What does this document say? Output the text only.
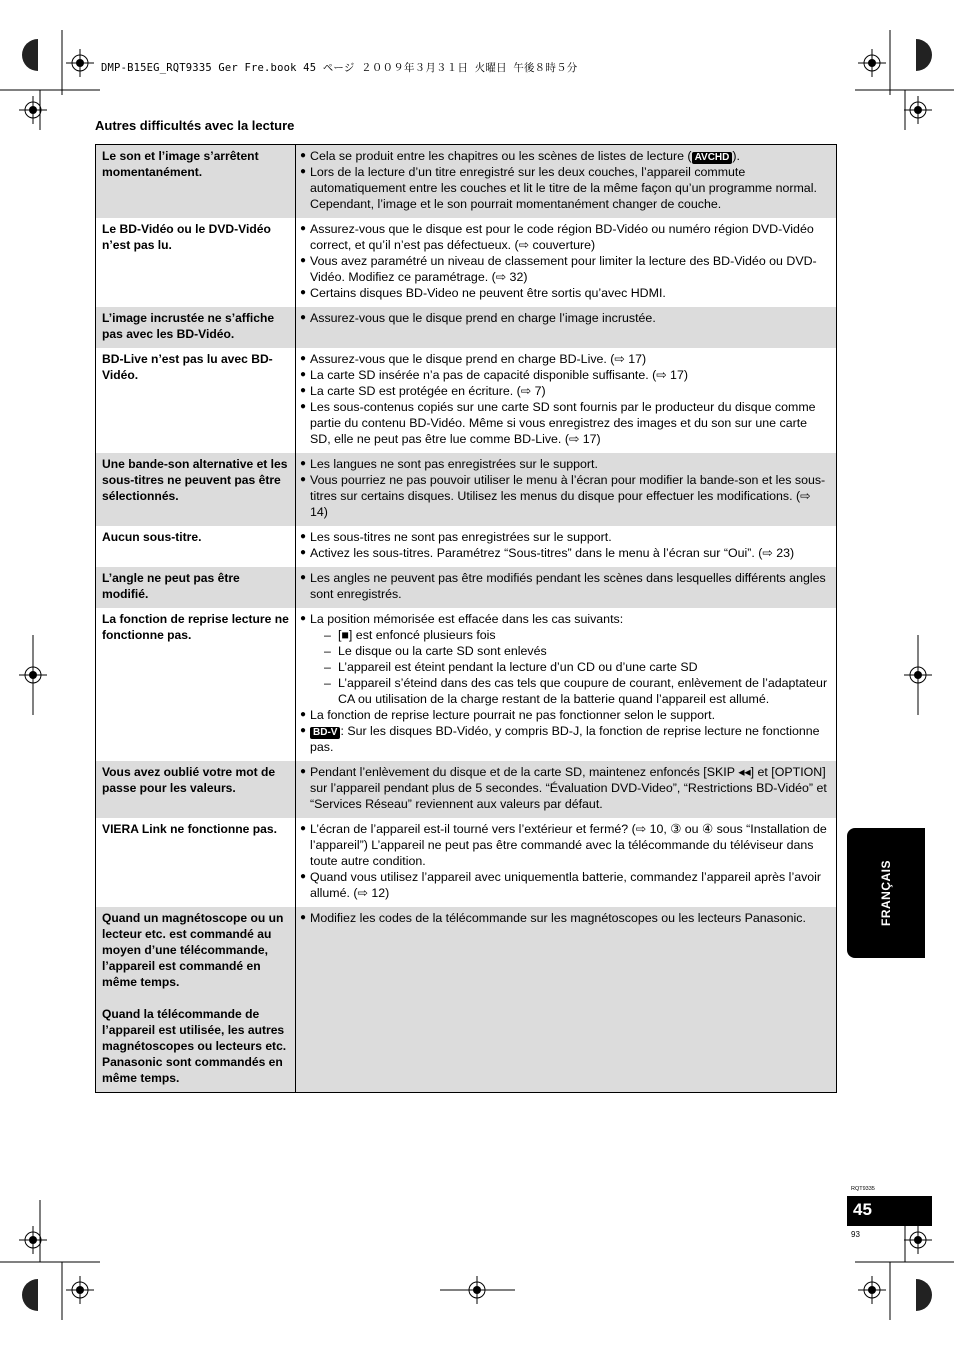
DMP-B15EG_RQT9335 Ger Fre.book 45 ページ ２００９年３月３１日 火曜日 午後８時５分
Autres difficultés avec la lecture
Le son et l’image s’arrêtent momentanément.
● Cela se produit entre les chapitres ou les scènes de listes de lecture ( AVCHD ).
● Lors de la lecture d’un titre enregistré sur les deux couches, l’appareil commute automatiquement entre les couches et lit le titre de la même façon qu’un programme normal. Cependant, l’image et le son pourrait momentanément changer de couche.
Le BD-Vidéo ou le DVD-Vidéo n’est pas lu.
● Assurez-vous que le disque est pour le code région BD-Vidéo ou numéro région DVD-Vidéo correct, et qu’il n’est pas défectueux. (⇨ couverture)
● Vous avez paramétré un niveau de classement pour limiter la lecture des BD-Vidéo ou DVD-Vidéo. Modifiez ce paramétrage. (⇨ 32)
● Certains disques BD-Video ne peuvent être sortis qu’avec HDMI.
L’image incrustée ne s’affiche pas avec les BD-Vidéo.
● Assurez-vous que le disque prend en charge l’image incrustée.
BD-Live n’est pas lu avec BD-Vidéo.
● Assurez-vous que le disque prend en charge BD-Live. (⇨ 17)
● La carte SD insérée n’a pas de capacité disponible suffisante. (⇨ 17)
● La carte SD est protégée en écriture. (⇨ 7)
● Les sous-contenus copiés sur une carte SD sont fournis par le producteur du disque comme partie du contenu BD-Vidéo. Même si vous enregistrez des images et du son sur une carte SD, elle ne peut pas être lue comme BD-Live. (⇨ 17)
Une bande-son alternative et les sous-titres ne peuvent pas être sélectionnés.
● Les langues ne sont pas enregistrées sur le support.
● Vous pourriez ne pas pouvoir utiliser le menu à l’écran pour modifier la bande-son et les sous-titres sur certains disques. Utilisez les menus du disque pour effectuer les modifications. (⇨ 14)
Aucun sous-titre.	● Les sous-titres ne sont pas enregistrées sur le support.
● Activez les sous-titres. Paramétrez “Sous-titres” dans le menu à l’écran sur “Oui”. (⇨ 23)
L’angle ne peut pas être modifié.
● Les angles ne peuvent pas être modifiés pendant les scènes dans lesquelles différents angles sont enregistrés.
La fonction de reprise lecture ne fonctionne pas.
● La position mémorisée est effacée dans les cas suivants:
– [■] est enfoncé plusieurs fois
– Le disque ou la carte SD sont enlevés
– L’appareil est éteint pendant la lecture d’un CD ou d’une carte SD
– L’appareil s’éteind dans des cas tels que coupure de courant, enlèvement de l’adaptateur CA ou utilisation de la charge restant de la batterie quand l’appareil est allumé.
● La fonction de reprise lecture pourrait ne pas fonctionner selon le support.
● BD-V : Sur les disques BD-Vidéo, y compris BD-J, la fonction de reprise lecture ne fonctionne pas.
Vous avez oublié votre mot de passe pour les valeurs.
● Pendant l’enlèvement du disque et de la carte SD, maintenez enfoncés [SKIP ◂◂] et [OPTION] sur l’appareil pendant plus de 5 secondes. “Évaluation DVD-Video”, “Restrictions BD-Vidéo” et “Services Réseau” reviennent aux valeurs par défaut.
VIERA Link ne fonctionne pas.	● L’écran de l’appareil est-il tourné vers l’extérieur et fermé? (⇨ 10, ③ ou ④ sous “Installation de l’appareil”) L’appareil ne peut pas être commandé avec la télécommande du téléviseur dans toute autre condition.
● Quand vous utilisez l’appareil avec uniquementla batterie, commandez l’appareil après l’avoir allumé. (⇨ 12)
Quand un magnétoscope ou un lecteur etc. est commandé au moyen d’une télécommande, l’appareil est commandé en même temps.
Quand la télécommande de l’appareil est utilisée, les autres magnétoscopes ou lecteurs etc. Panasonic sont commandés en même temps.
● Modifiez les codes de la télécommande sur les magnétoscopes ou les lecteurs Panasonic.	FRANÇAIS
RQT9335
45
93
